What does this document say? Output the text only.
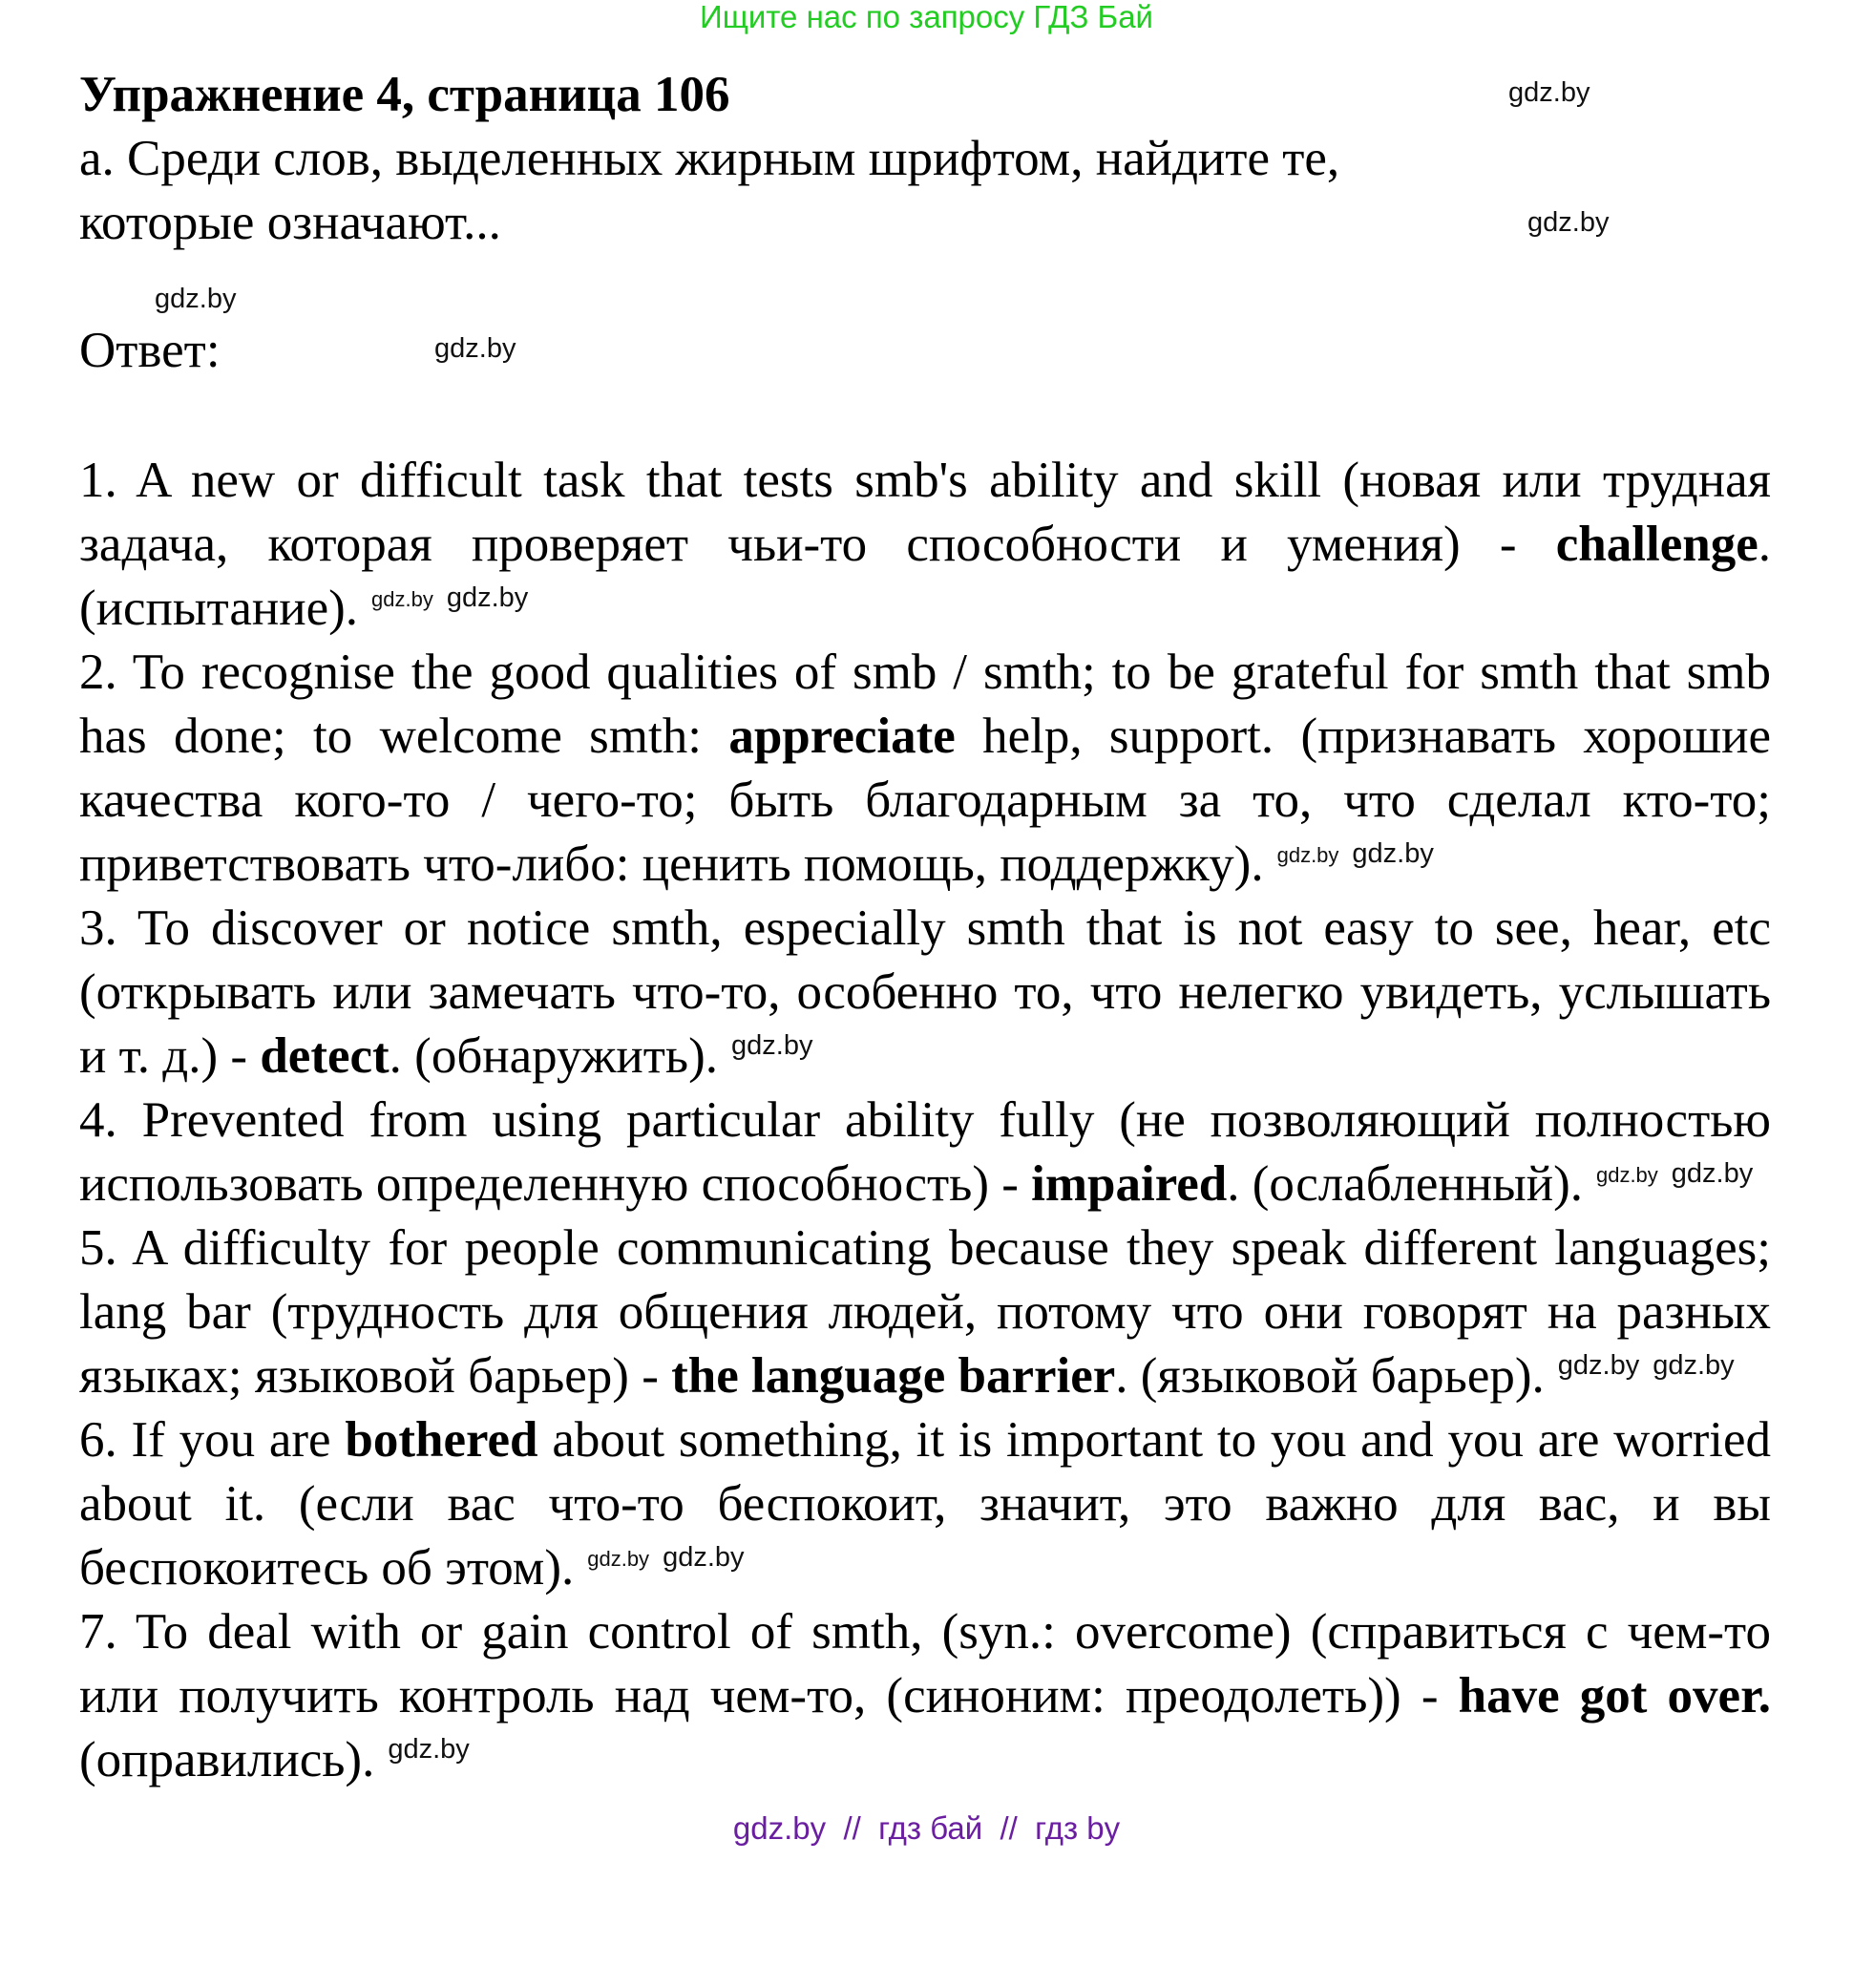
Ищите нас по запросу ГДЗ Бай
Упражнение 4, страница 106
а. Среди слов, выделенных жирным шрифтом, найдите те, которые означают...
Ответ:
gdz.by
gdz.by
gdz.by
gdz.by

1. A new or difficult task that tests smb's ability and skill (новая или трудная задача, которая проверяет чьи-то способности и умения) - challenge. (испытание). $^{gdz.by}$ $^{gdz.by}$

2. To recognise the good qualities of smb / smth; to be grateful for smth that smb has done; to welcome smth: appreciate help, support. (признавать хорошие качества кого-то / чего-то; быть благодарным за то, что сделал кто-то; приветствовать что-либо: ценить помощь, поддержку). $^{gdz.by}$ $^{gdz.by}$

3. To discover or notice smth, especially smth that is not easy to see, hear, etc (открывать или замечать что-то, особенно то, что нелегко увидеть, услышать и т. д.) - detect. (обнаружить). $^{gdz.by}$

4. Prevented from using particular ability fully (не позволяющий полностью использовать определенную способность) - impaired. (ослабленный). $^{gdz.by}$ $^{gdz.by}$

5. A difficulty for people communicating because they speak different languages; lang bar (трудность для общения людей, потому что они говорят на разных языках; языковой барьер) - the language barrier. (языковой барьер). $^{gdz.by}$ $^{gdz.by}$

6. If you are bothered about something, it is important to you and you are worried about it. (если вас что-то беспокоит, значит, это важно для вас, и вы беспокоитесь об этом). $^{gdz.by}$ $^{gdz.by}$

7. To deal with or gain control of smth, (syn.: overcome) (справиться с чем-то или получить контроль над чем-то, (синоним: преодолеть)) - have got over. (оправились). $^{gdz.by}$

gdz.by  //  гдз бай  //  гдз by
